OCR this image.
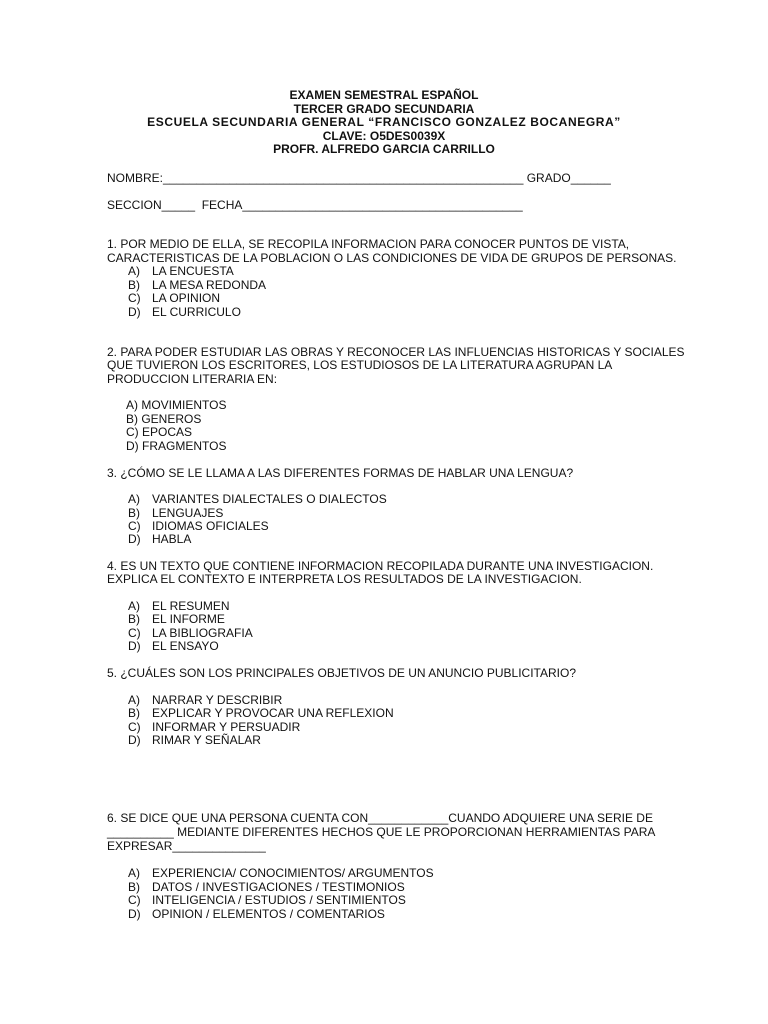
EXAMEN SEMESTRAL ESPAÑOL
TERCER GRADO SECUNDARIA
ESCUELA SECUNDARIA GENERAL “FRANCISCO GONZALEZ BOCANEGRA”
CLAVE: O5DES0039X
PROFR. ALFREDO GARCIA CARRILLO
NOMBRE:______________________________________________________ GRADO______
SECCION_____  FECHA__________________________________________
1. POR MEDIO DE ELLA, SE RECOPILA INFORMACION PARA CONOCER PUNTOS DE VISTA,
CARACTERISTICAS DE LA POBLACION O LAS CONDICIONES DE VIDA DE GRUPOS DE PERSONAS.
A) LA ENCUESTA
B) LA MESA REDONDA
C) LA OPINION
D) EL CURRICULO
2. PARA PODER ESTUDIAR LAS OBRAS Y RECONOCER LAS INFLUENCIAS HISTORICAS Y SOCIALES
QUE TUVIERON LOS ESCRITORES, LOS ESTUDIOSOS DE LA LITERATURA AGRUPAN LA
PRODUCCION LITERARIA EN:
A) MOVIMIENTOS
B) GENEROS
C) EPOCAS
D) FRAGMENTOS
3. ¿CÓMO SE LE LLAMA A LAS DIFERENTES FORMAS DE HABLAR UNA LENGUA?
A) VARIANTES DIALECTALES O DIALECTOS
B) LENGUAJES
C) IDIOMAS OFICIALES
D) HABLA
4. ES UN TEXTO QUE CONTIENE INFORMACION RECOPILADA DURANTE UNA INVESTIGACION.
EXPLICA EL CONTEXTO E INTERPRETA LOS RESULTADOS DE LA INVESTIGACION.
A) EL RESUMEN
B) EL INFORME
C) LA BIBLIOGRAFIA
D) EL ENSAYO
5. ¿CUÁLES SON LOS PRINCIPALES OBJETIVOS DE UN ANUNCIO PUBLICITARIO?
A) NARRAR Y DESCRIBIR
B) EXPLICAR Y PROVOCAR UNA REFLEXION
C) INFORMAR Y PERSUADIR
D) RIMAR Y SEÑALAR
6. SE DICE QUE UNA PERSONA CUENTA CON____________CUANDO ADQUIERE UNA SERIE DE
__________ MEDIANTE DIFERENTES HECHOS QUE LE PROPORCIONAN HERRAMIENTAS PARA
EXPRESAR______________
A) EXPERIENCIA/ CONOCIMIENTOS/ ARGUMENTOS
B) DATOS / INVESTIGACIONES / TESTIMONIOS
C) INTELIGENCIA / ESTUDIOS / SENTIMIENTOS
D) OPINION / ELEMENTOS / COMENTARIOS
